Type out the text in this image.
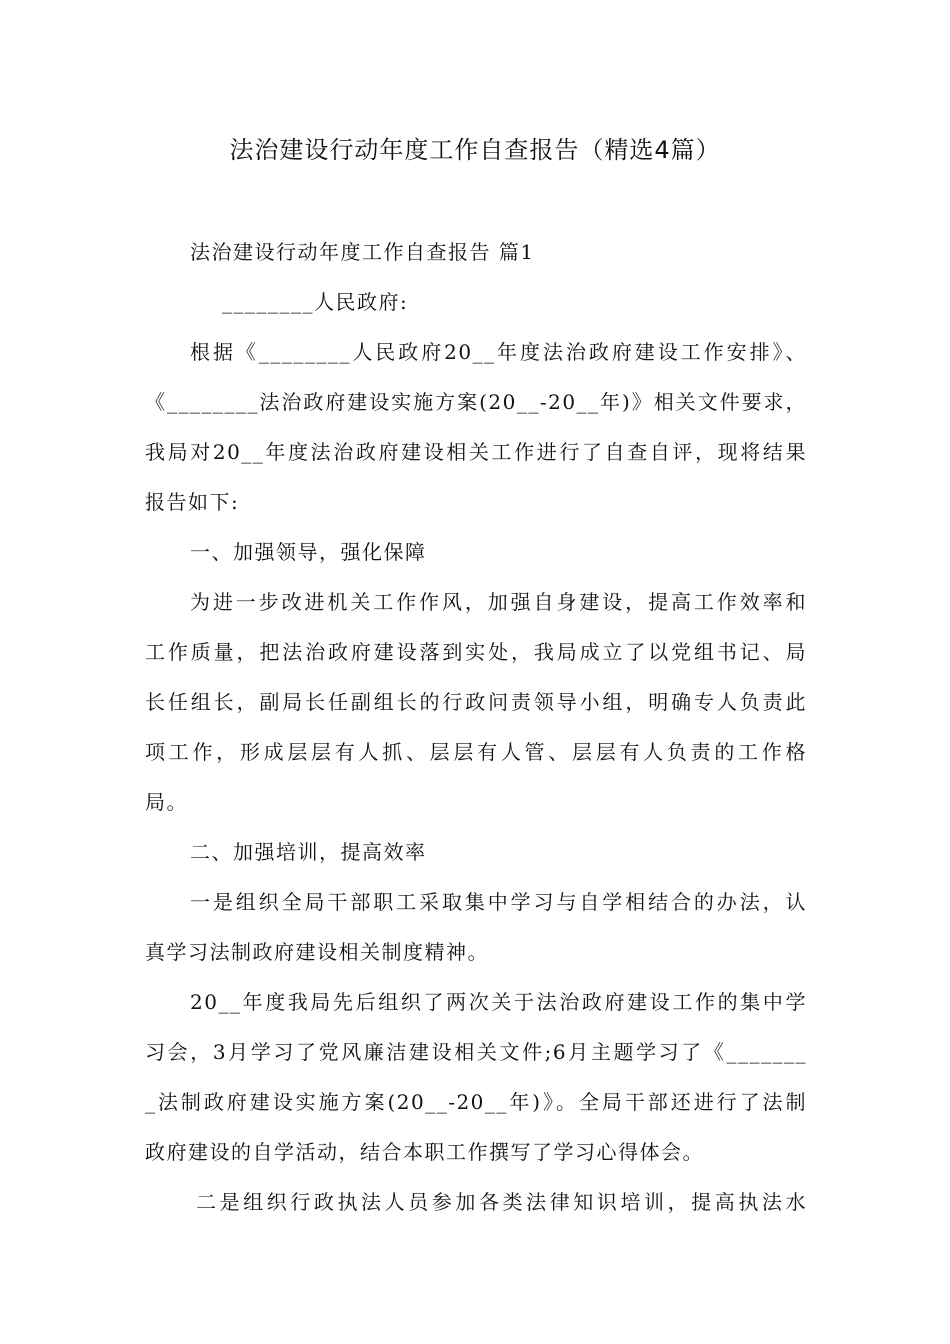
法治建设行动年度工作自查报告（精选4篇）

法治建设行动年度工作自查报告 篇1

________人民政府:

根据《________人民政府20__年度法治政府建设工作安排》、

《________法治政府建设实施方案(20__-20__年)》相关文件要求，

我局对20__年度法治政府建设相关工作进行了自查自评，现将结果

报告如下:

一、加强领导，强化保障

为进一步改进机关工作作风，加强自身建设，提高工作效率和

工作质量，把法治政府建设落到实处，我局成立了以党组书记、局

长任组长，副局长任副组长的行政问责领导小组，明确专人负责此

项工作，形成层层有人抓、层层有人管、层层有人负责的工作格

局。

二、加强培训，提高效率

一是组织全局干部职工采取集中学习与自学相结合的办法，认

真学习法制政府建设相关制度精神。

20__年度我局先后组织了两次关于法治政府建设工作的集中学

习会，3月学习了党风廉洁建设相关文件;6月主题学习了《_______

_法制政府建设实施方案(20__-20__年)》。全局干部还进行了法制

政府建设的自学活动，结合本职工作撰写了学习心得体会。

二是组织行政执法人员参加各类法律知识培训，提高执法水
